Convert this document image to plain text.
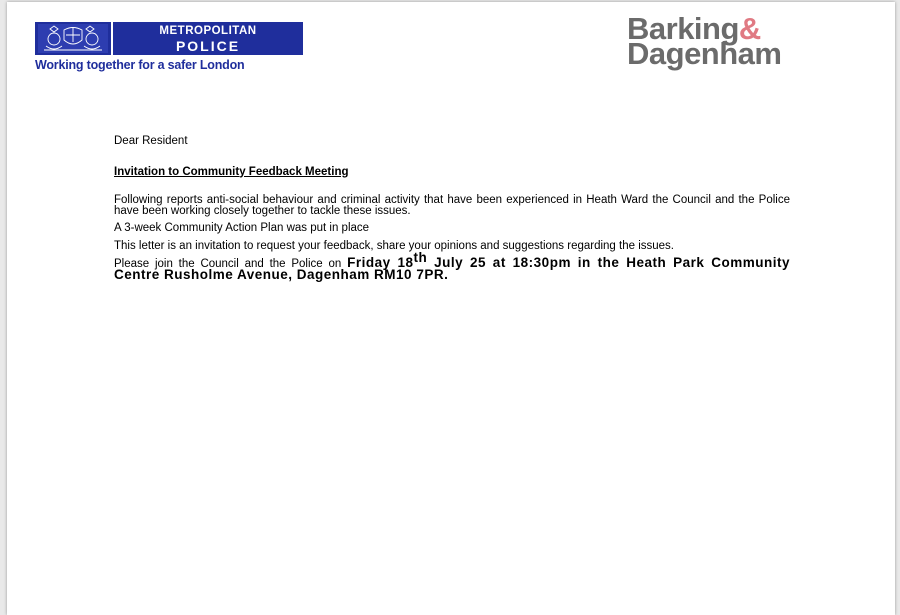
METROPOLITAN
POLICE
Working together for a safer London
Barking&
Dagenham

Dear Resident

Invitation to Community Feedback Meeting

Following reports anti-social behaviour and criminal activity that have been experienced in Heath Ward the Council and the Police have been working closely together to tackle these issues.

A 3-week Community Action Plan was put in place

This letter is an invitation to request your feedback, share your opinions and suggestions regarding the issues.

Please join the Council and the Police on Friday 18th July 25 at 18:30pm in the Heath Park Community Centre Rusholme Avenue, Dagenham RM10 7PR.
